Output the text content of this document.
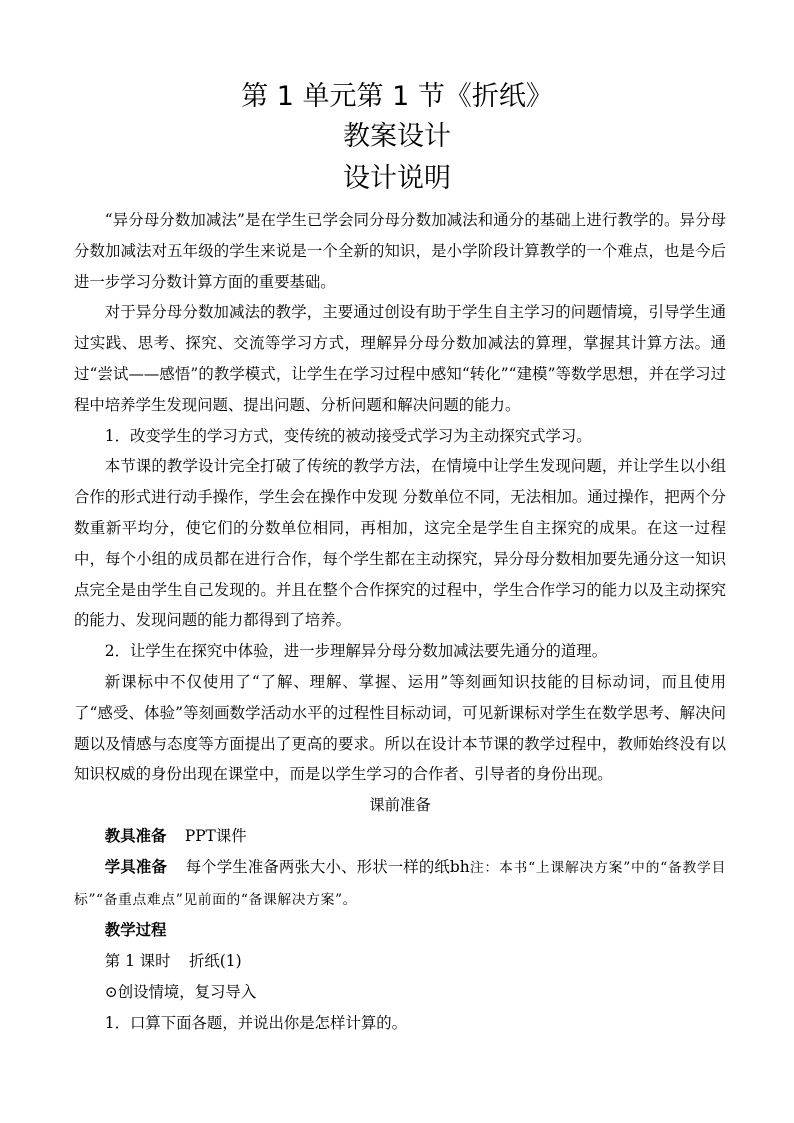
第 1 单元第 1 节《折纸》
教案设计
设计说明

“异分母分数加减法”是在学生已学会同分母分数加减法和通分的基础上进行教学的。异分母分数加减法对五年级的学生来说是一个全新的知识，是小学阶段计算教学的一个难点，也是今后进一步学习分数计算方面的重要基础。

对于异分母分数加减法的教学，主要通过创设有助于学生自主学习的问题情境，引导学生通过实践、思考、探究、交流等学习方式，理解异分母分数加减法的算理，掌握其计算方法。通过“尝试——感悟”的教学模式，让学生在学习过程中感知“转化”“建模”等数学思想，并在学习过程中培养学生发现问题、提出问题、分析问题和解决问题的能力。

1．改变学生的学习方式，变传统的被动接受式学习为主动探究式学习。

本节课的教学设计完全打破了传统的教学方法，在情境中让学生发现问题，并让学生以小组合作的形式进行动手操作，学生会在操作中发现 分数单位不同，无法相加。通过操作，把两个分数重新平均分，使它们的分数单位相同，再相加，这完全是学生自主探究的成果。在这一过程中，每个小组的成员都在进行合作，每个学生都在主动探究，异分母分数相加要先通分这一知识点完全是由学生自己发现的。并且在整个合作探究的过程中，学生合作学习的能力以及主动探究的能力、发现问题的能力都得到了培养。

2．让学生在探究中体验，进一步理解异分母分数加减法要先通分的道理。

新课标中不仅使用了“了解、理解、掌握、运用”等刻画知识技能的目标动词，而且使用了“感受、体验”等刻画数学活动水平的过程性目标动词，可见新课标对学生在数学思考、解决问题以及情感与态度等方面提出了更高的要求。所以在设计本节课的教学过程中，教师始终没有以知识权威的身份出现在课堂中，而是以学生学习的合作者、引导者的身份出现。

课前准备

教具准备 PPT课件

学具准备 每个学生准备两张大小、形状一样的纸bh注：本书“上课解决方案”中的“备教学目标”“备重点难点”见前面的“备课解决方案”。

教学过程

第 1 课时 折纸(1)

⊙创设情境，复习导入

1．口算下面各题，并说出你是怎样计算的。
